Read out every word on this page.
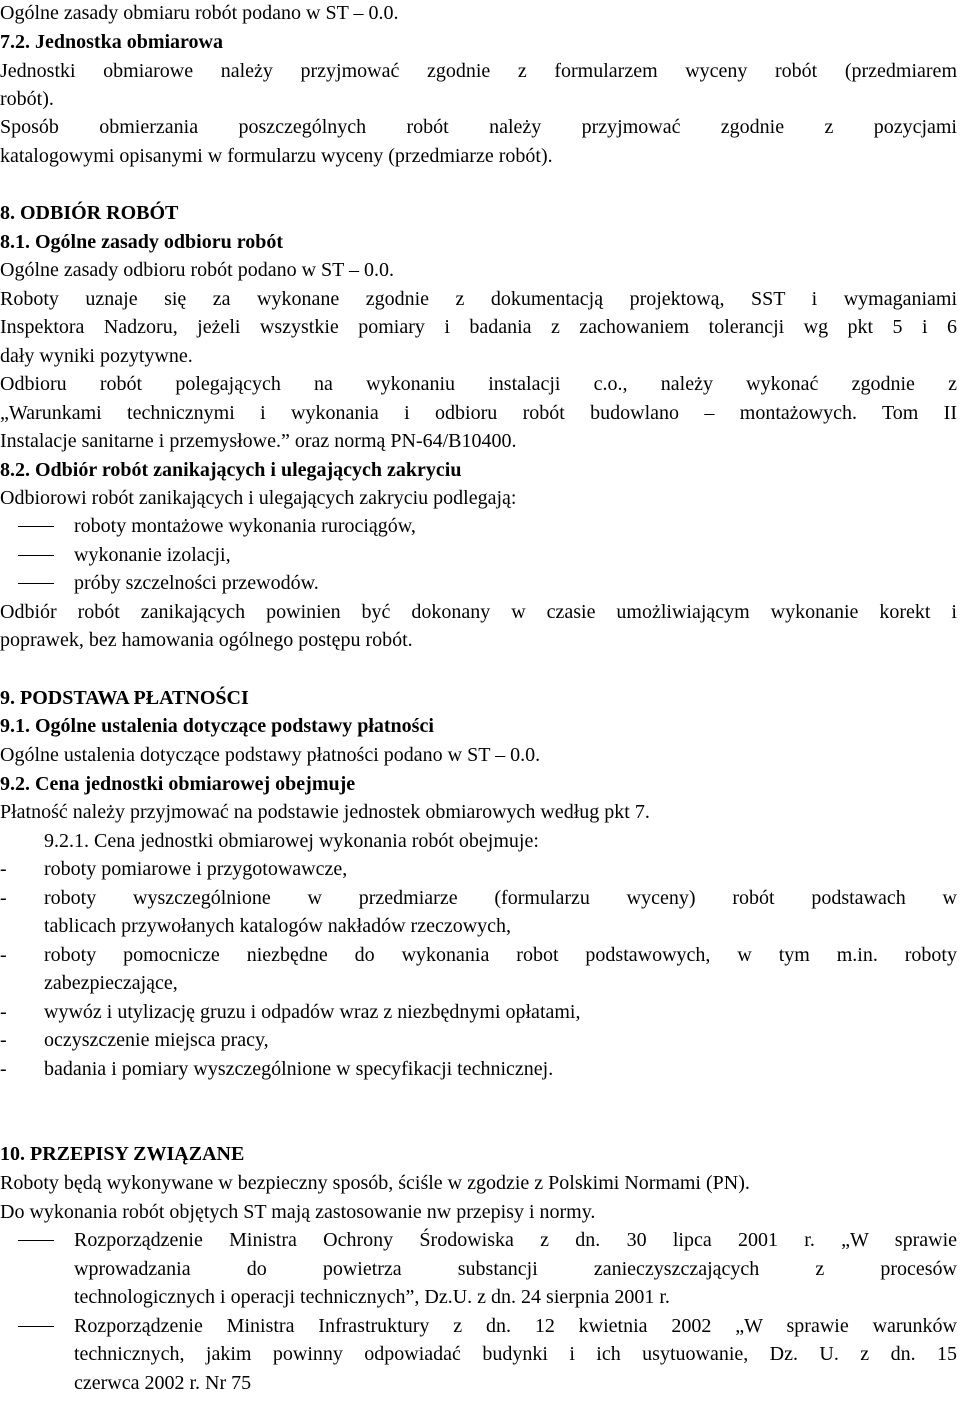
Ogólne zasady obmiaru robót podano w ST – 0.0.
7.2. Jednostka obmiarowa
Jednostki obmiarowe należy przyjmować zgodnie z formularzem wyceny robót (przedmiarem
robót).
Sposób obmierzania poszczególnych robót należy przyjmować zgodnie z pozycjami
katalogowymi opisanymi w formularzu wyceny (przedmiarze robót).
8. ODBIÓR ROBÓT
8.1. Ogólne zasady odbioru robót
Ogólne zasady odbioru robót podano w ST – 0.0.
Roboty uznaje się za wykonane zgodnie z dokumentacją projektową, SST i wymaganiami
Inspektora Nadzoru, jeżeli wszystkie pomiary i badania z zachowaniem tolerancji wg pkt 5 i 6
dały wyniki pozytywne.
Odbioru robót polegających na wykonaniu instalacji c.o., należy wykonać zgodnie z
„Warunkami technicznymi i wykonania i odbioru robót budowlano – montażowych. Tom II
Instalacje sanitarne i przemysłowe.” oraz normą PN-64/B10400.
8.2. Odbiór robót zanikających i ulegających zakryciu
Odbiorowi robót zanikających i ulegających zakryciu podlegają:
roboty montażowe wykonania rurociągów,
wykonanie izolacji,
próby szczelności przewodów.
Odbiór robót zanikających powinien być dokonany w czasie umożliwiającym wykonanie korekt i
poprawek, bez hamowania ogólnego postępu robót.
9. PODSTAWA PŁATNOŚCI
9.1. Ogólne ustalenia dotyczące podstawy płatności
Ogólne ustalenia dotyczące podstawy płatności podano w ST – 0.0.
9.2. Cena jednostki obmiarowej obejmuje
Płatność należy przyjmować na podstawie jednostek obmiarowych według pkt 7.
9.2.1. Cena jednostki obmiarowej wykonania robót obejmuje:
- roboty pomiarowe i przygotowawcze,
- roboty wyszczególnione w przedmiarze (formularzu wyceny) robót podstawach w
tablicach przywołanych katalogów nakładów rzeczowych,
- roboty pomocnicze niezbędne do wykonania robot podstawowych, w tym m.in. roboty
zabezpieczające,
- wywóz i utylizację gruzu i odpadów wraz z niezbędnymi opłatami,
- oczyszczenie miejsca pracy,
- badania i pomiary wyszczególnione w specyfikacji technicznej.
10. PRZEPISY ZWIĄZANE
Roboty będą wykonywane w bezpieczny sposób, ściśle w zgodzie z Polskimi Normami (PN).
Do wykonania robót objętych ST mają zastosowanie nw przepisy i normy.
Rozporządzenie Ministra Ochrony Środowiska z dn. 30 lipca 2001 r. „W sprawie
wprowadzania do powietrza substancji zanieczyszczających z procesów
technologicznych i operacji technicznych”, Dz.U. z dn. 24 sierpnia 2001 r.
Rozporządzenie Ministra Infrastruktury z dn. 12 kwietnia 2002 „W sprawie warunków
technicznych, jakim powinny odpowiadać budynki i ich usytuowanie, Dz. U. z dn. 15
czerwca 2002 r. Nr 75
